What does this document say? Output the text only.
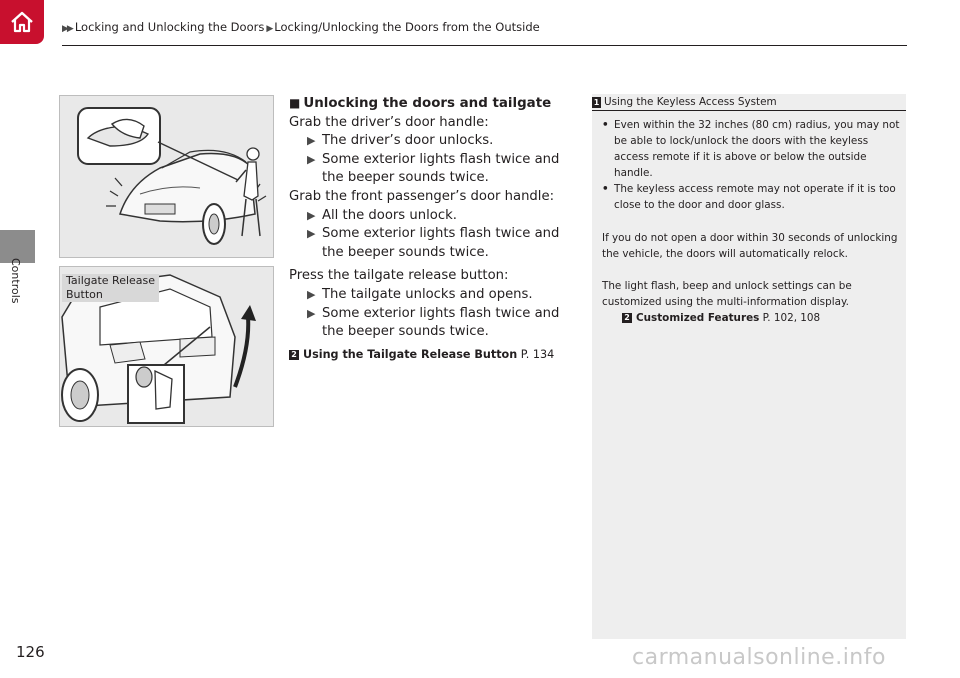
▶▶ Locking and Unlocking the Doors ▶ Locking/Unlocking the Doors from the Outside
Controls	Tailgate Release
Button

■ Unlocking the doors and tailgate

Grab the driver’s door handle:

▶ The driver’s door unlocks.

▶ Some exterior lights flash twice and the beeper sounds twice.

Grab the front passenger’s door handle:

▶ All the doors unlock.

▶ Some exterior lights flash twice and the beeper sounds twice.

Press the tailgate release button:

▶ The tailgate unlocks and opens.

▶ Some exterior lights flash twice and the beeper sounds twice.

2 Using the Tailgate Release Button P. 134

1 Using the Keyless Access System

• Even within the 32 inches (80 cm) radius, you may not be able to lock/unlock the doors with the keyless access remote if it is above or below the outside handle.

• The keyless access remote may not operate if it is too close to the door and door glass.

If you do not open a door within 30 seconds of unlocking the vehicle, the doors will automatically relock.

The light flash, beep and unlock settings can be customized using the multi-information display.

2 Customized Features P. 102, 108

126	carmanualsonline.info
